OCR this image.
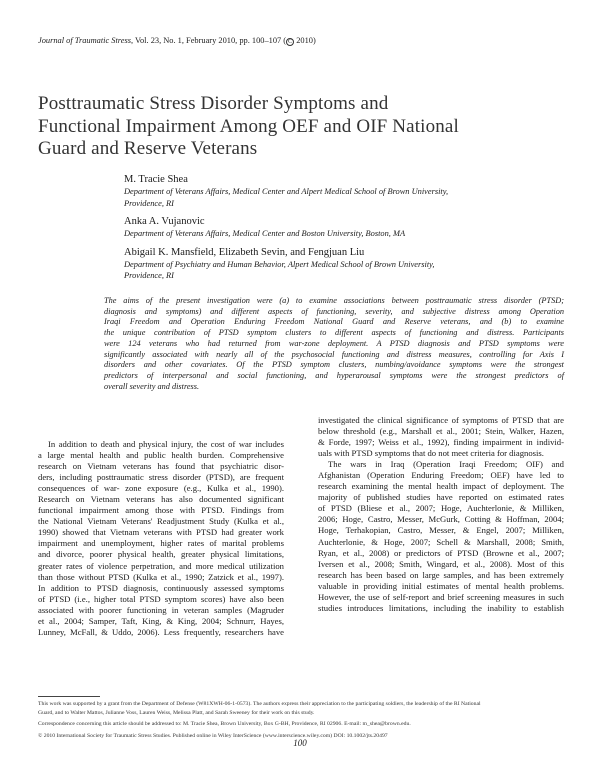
Journal of Traumatic Stress, Vol. 23, No. 1, February 2010, pp. 100–107 ( C 2010)
Posttraumatic Stress Disorder Symptoms and
Functional Impairment Among OEF and OIF National
Guard and Reserve Veterans
M. Tracie Shea
Department of Veterans Affairs, Medical Center and Alpert Medical School of Brown University,
Providence, RI
Anka A. Vujanovic
Department of Veterans Affairs, Medical Center and Boston University, Boston, MA
Abigail K. Mansfield, Elizabeth Sevin, and Fengjuan Liu
Department of Psychiatry and Human Behavior, Alpert Medical School of Brown University,
Providence, RI
The aims of the present investigation were (a) to examine associations between posttraumatic stress disorder (PTSD;
diagnosis and symptoms) and different aspects of functioning, severity, and subjective distress among Operation
Iraqi Freedom and Operation Enduring Freedom National Guard and Reserve veterans, and (b) to examine
the unique contribution of PTSD symptom clusters to different aspects of functioning and distress. Participants
were 124 veterans who had returned from war-zone deployment. A PTSD diagnosis and PTSD symptoms were
significantly associated with nearly all of the psychosocial functioning and distress measures, controlling for Axis I
disorders and other covariates. Of the PTSD symptom clusters, numbing/avoidance symptoms were the strongest
predictors of interpersonal and social functioning, and hyperarousal symptoms were the strongest predictors of
overall severity and distress.
In addition to death and physical injury, the cost of war includes
a large mental health and public health burden. Comprehensive
research on Vietnam veterans has found that psychiatric disor-
ders, including posttraumatic stress disorder (PTSD), are frequent
consequences of war- zone exposure (e.g., Kulka et al., 1990).
Research on Vietnam veterans has also documented significant
functional impairment among those with PTSD. Findings from
the National Vietnam Veterans' Readjustment Study (Kulka et al.,
1990) showed that Vietnam veterans with PTSD had greater work
impairment and unemployment, higher rates of marital problems
and divorce, poorer physical health, greater physical limitations,
greater rates of violence perpetration, and more medical utilization
than those without PTSD (Kulka et al., 1990; Zatzick et al., 1997).
In addition to PTSD diagnosis, continuously assessed symptoms
of PTSD (i.e., higher total PTSD symptom scores) have also been
associated with poorer functioning in veteran samples (Magruder
et al., 2004; Samper, Taft, King, & King, 2004; Schnurr, Hayes,
Lunney, McFall, & Uddo, 2006). Less frequently, researchers have
investigated the clinical significance of symptoms of PTSD that are
below threshold (e.g., Marshall et al., 2001; Stein, Walker, Hazen,
& Forde, 1997; Weiss et al., 1992), finding impairment in individ-
uals with PTSD symptoms that do not meet criteria for diagnosis.
The wars in Iraq (Operation Iraqi Freedom; OIF) and
Afghanistan (Operation Enduring Freedom; OEF) have led to
research examining the mental health impact of deployment. The
majority of published studies have reported on estimated rates
of PTSD (Bliese et al., 2007; Hoge, Auchterlonie, & Milliken,
2006; Hoge, Castro, Messer, McGurk, Cotting & Hoffman, 2004;
Hoge, Terhakopian, Castro, Messer, & Engel, 2007; Milliken,
Auchterlonie, & Hoge, 2007; Schell & Marshall, 2008; Smith,
Ryan, et al., 2008) or predictors of PTSD (Browne et al., 2007;
Iversen et al., 2008; Smith, Wingard, et al., 2008). Most of this
research has been based on large samples, and has been extremely
valuable in providing initial estimates of mental health problems.
However, the use of self-report and brief screening measures in such
studies introduces limitations, including the inability to establish
This work was supported by a grant from the Department of Defense (W81XWH-06-1-0573). The authors express their appreciation to the participating soldiers, the leadership of the RI National
Guard, and to Walter Mattos, Julianne Voss, Lauren Weiss, Melissa Platt, and Sarah Sweeney for their work on this study.
Correspondence concerning this article should be addressed to: M. Tracie Shea, Brown University, Box G-BH, Providence, RI 02906. E-mail: m_shea@brown.edu.
© 2010 International Society for Traumatic Stress Studies. Published online in Wiley InterScience (www.interscience.wiley.com) DOI: 10.1002/jts.20497
100
